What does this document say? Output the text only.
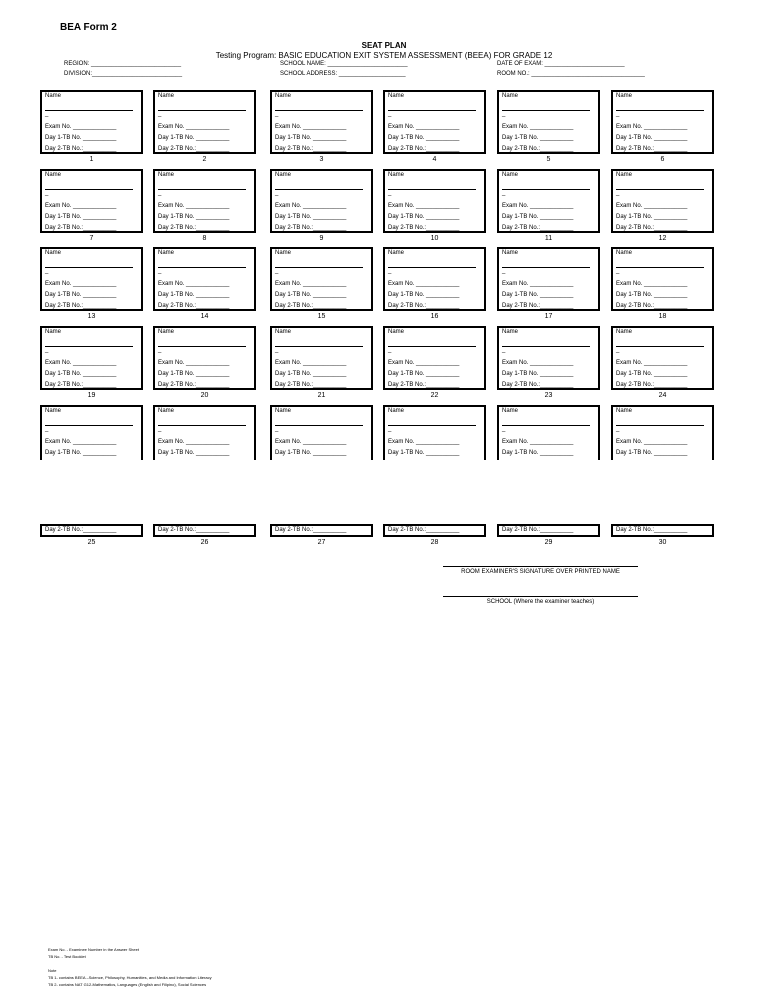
BEA Form 2
SEAT PLAN
Testing Program: BASIC EDUCATION EXIT SYSTEM ASSESSMENT (BEEA) FOR GRADE 12
REGION: ___________________________
DIVISION:___________________________
SCHOOL NAME: ________________________
SCHOOL ADDRESS: ____________________
DATE OF EXAM: ________________________
ROOM NO.: __________________________________
Name
_
Exam No. _____________
Day 1-TB No. __________
Day 2-TB No.:__________
1
Name
_
Exam No. _____________
Day 1-TB No. __________
Day 2-TB No.:__________
2
Name
_
Exam No. _____________
Day 1-TB No. __________
Day 2-TB No.:__________
3
Name
_
Exam No. _____________
Day 1-TB No. __________
Day 2-TB No.:__________
4
Name
_
Exam No. _____________
Day 1-TB No. __________
Day 2-TB No.:__________
5
Name
_
Exam No. _____________
Day 1-TB No. __________
Day 2-TB No.:__________
6
Name
_
Exam No. _____________
Day 1-TB No. __________
Day 2-TB No.:__________
7
Name
_
Exam No. _____________
Day 1-TB No. __________
Day 2-TB No.:__________
8
Name
_
Exam No. _____________
Day 1-TB No. __________
Day 2-TB No.:__________
9
Name
_
Exam No. _____________
Day 1-TB No. __________
Day 2-TB No.:__________
10
Name
_
Exam No. _____________
Day 1-TB No. __________
Day 2-TB No.:__________
11
Name
_
Exam No. _____________
Day 1-TB No. __________
Day 2-TB No.:__________
12
Name
_
Exam No. _____________
Day 1-TB No. __________
Day 2-TB No.:__________
13
Name
_
Exam No. _____________
Day 1-TB No. __________
Day 2-TB No.:__________
14
Name
_
Exam No. _____________
Day 1-TB No. __________
Day 2-TB No.:__________
15
Name
_
Exam No. _____________
Day 1-TB No. __________
Day 2-TB No.:__________
16
Name
_
Exam No. _____________
Day 1-TB No. __________
Day 2-TB No.:__________
17
Name
_
Exam No. _____________
Day 1-TB No. __________
Day 2-TB No.:__________
18
Name
_
Exam No. _____________
Day 1-TB No. __________
Day 2-TB No.:__________
19
Name
_
Exam No. _____________
Day 1-TB No. __________
Day 2-TB No.:__________
20
Name
_
Exam No. _____________
Day 1-TB No. __________
Day 2-TB No.:__________
21
Name
_
Exam No. _____________
Day 1-TB No. __________
Day 2-TB No.:__________
22
Name
_
Exam No. _____________
Day 1-TB No. __________
Day 2-TB No.:__________
23
Name
_
Exam No. _____________
Day 1-TB No. __________
Day 2-TB No.:__________
24
Name
_
Exam No. _____________
Day 1-TB No. __________
Day 2-TB No.:__________
25
Name
_
Exam No. _____________
Day 1-TB No. __________
Day 2-TB No.:__________
26
Name
_
Exam No. _____________
Day 1-TB No. __________
Day 2-TB No.:__________
27
Name
_
Exam No. _____________
Day 1-TB No. __________
Day 2-TB No.:__________
28
Name
_
Exam No. _____________
Day 1-TB No. __________
Day 2-TB No.:__________
29
Name
_
Exam No. _____________
Day 1-TB No. __________
Day 2-TB No.:__________
30
ROOM EXAMINER'S SIGNATURE OVER PRINTED NAME
SCHOOL (Where the examiner teaches)
Exam No. - Examinee Number in the Answer Sheet
TB No. - Test Booklet
Note
TB 1- contains BEEA –Science, Philosophy, Humanities, and Media and Information Literacy
TB 2- contains NAT G12-Mathematics, Languages (English and Filipino), Social Sciences
